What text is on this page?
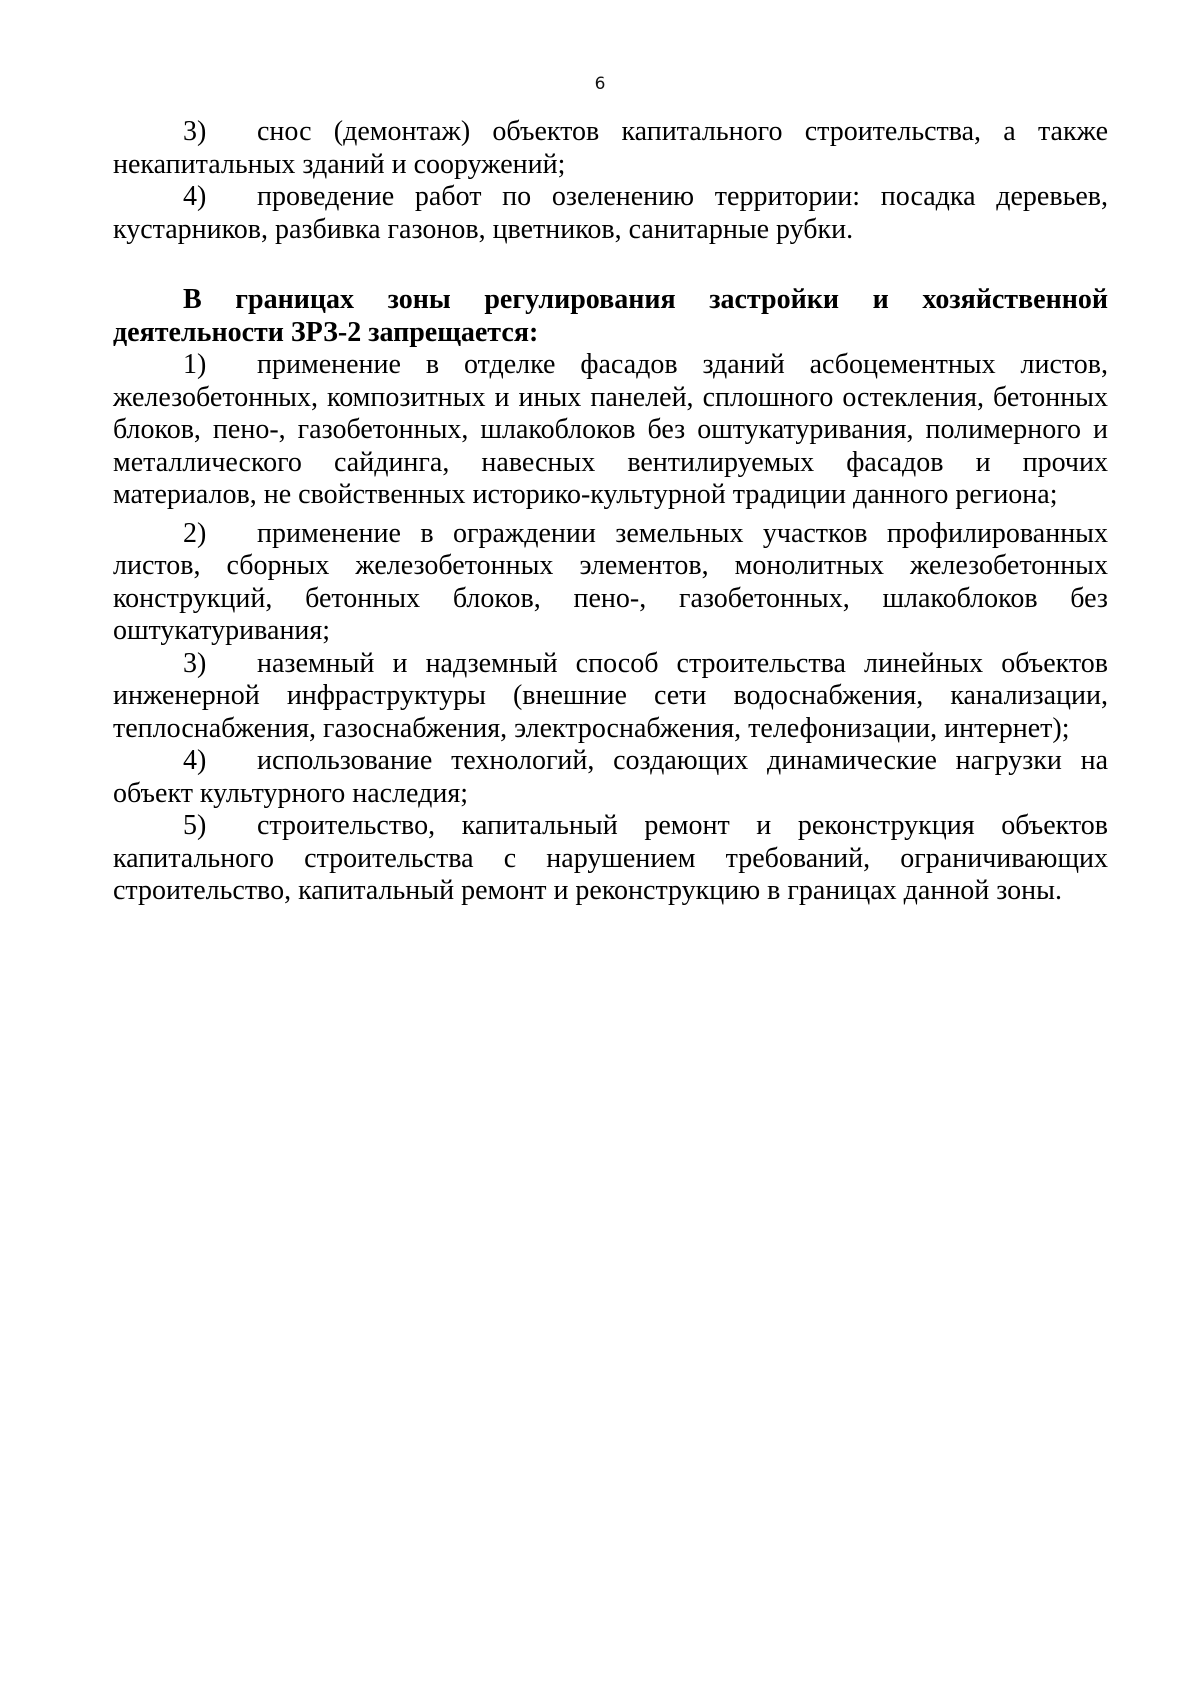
6

3) снос (демонтаж) объектов капитального строительства, а также некапитальных зданий и сооружений;

4) проведение работ по озеленению территории: посадка деревьев, кустарников, разбивка газонов, цветников, санитарные рубки.

В границах зоны регулирования застройки и хозяйственной деятельности ЗРЗ-2 запрещается:

1) применение в отделке фасадов зданий асбоцементных листов, железобетонных, композитных и иных панелей, сплошного остекления, бетонных блоков, пено-, газобетонных, шлакоблоков без оштукатуривания, полимерного и металлического сайдинга, навесных вентилируемых фасадов и прочих материалов, не свойственных историко-культурной традиции данного региона;

2) применение в ограждении земельных участков профилированных листов, сборных железобетонных элементов, монолитных железобетонных конструкций, бетонных блоков, пено-, газобетонных, шлакоблоков без оштукатуривания;

3) наземный и надземный способ строительства линейных объектов инженерной инфраструктуры (внешние сети водоснабжения, канализации, теплоснабжения, газоснабжения, электроснабжения, телефонизации, интернет);

4) использование технологий, создающих динамические нагрузки на объект культурного наследия;

5) строительство, капитальный ремонт и реконструкция объектов капитального строительства с нарушением требований, ограничивающих строительство, капитальный ремонт и реконструкцию в границах данной зоны.
